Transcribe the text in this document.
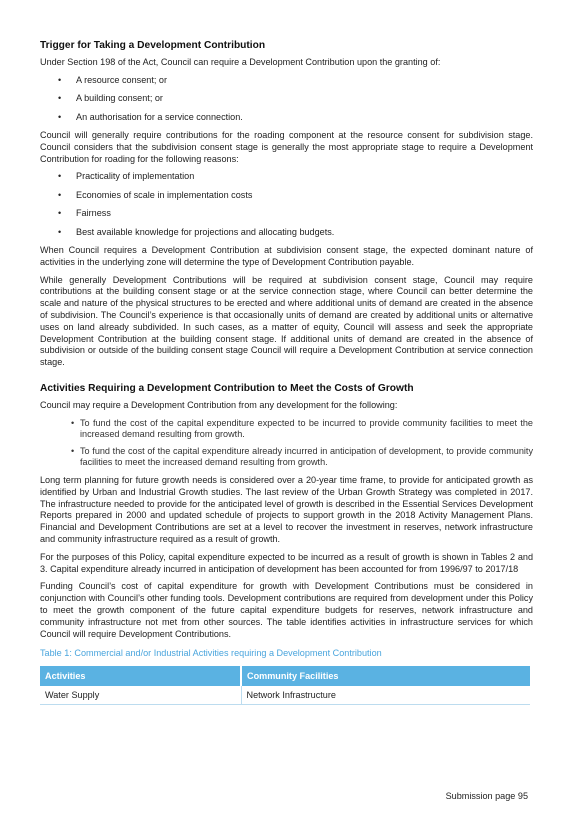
Trigger for Taking a Development Contribution

Under Section 198 of the Act, Council can require a Development Contribution upon the granting of:

• A resource consent; or
• A building consent; or
• An authorisation for a service connection.

Council will generally require contributions for the roading component at the resource consent for subdivision stage. Council considers that the subdivision consent stage is generally the most appropriate stage to require a Development Contribution for roading for the following reasons:

• Practicality of implementation
• Economies of scale in implementation costs
• Fairness
• Best available knowledge for projections and allocating budgets.

When Council requires a Development Contribution at subdivision consent stage, the expected dominant nature of activities in the underlying zone will determine the type of Development Contribution payable.

While generally Development Contributions will be required at subdivision consent stage, Council may require contributions at the building consent stage or at the service connection stage, where Council can better determine the scale and nature of the physical structures to be erected and where additional units of demand are created in the absence of subdivision. The Council’s experience is that occasionally units of demand are created by additional units or alternative uses on land already subdivided. In such cases, as a matter of equity, Council will assess and seek the appropriate Development Contribution at the building consent stage. If additional units of demand are created in the absence of subdivision or outside of the building consent stage Council will require a Development Contribution at service connection stage.

Activities Requiring a Development Contribution to Meet the Costs of Growth

Council may require a Development Contribution from any development for the following:

• To fund the cost of the capital expenditure expected to be incurred to provide community facilities to meet the increased demand resulting from growth.
• To fund the cost of the capital expenditure already incurred in anticipation of development, to provide community facilities to meet the increased demand resulting from growth.

Long term planning for future growth needs is considered over a 20-year time frame, to provide for anticipated growth as identified by Urban and Industrial Growth studies. The last review of the Urban Growth Strategy was completed in 2017. The infrastructure needed to provide for the anticipated level of growth is described in the Essential Services Development Reports prepared in 2000 and updated schedule of projects to support growth in the 2018 Activity Management Plans. Financial and Development Contributions are set at a level to recover the investment in reserves, network infrastructure and community infrastructure required as a result of growth.

For the purposes of this Policy, capital expenditure expected to be incurred as a result of growth is shown in Tables 2 and 3. Capital expenditure already incurred in anticipation of development has been accounted for from 1996/97 to 2017/18

Funding Council’s cost of capital expenditure for growth with Development Contributions must be considered in conjunction with Council’s other funding tools. Development contributions are required from development under this Policy to meet the growth component of the future capital expenditure budgets for reserves, network infrastructure and community infrastructure not met from other sources. The table identifies activities in infrastructure services for which Council will require Development Contributions.

Table 1: Commercial and/or Industrial Activities requiring a Development Contribution
Activities	Community Facilities
Water Supply	Network Infrastructure
Submission page 95
